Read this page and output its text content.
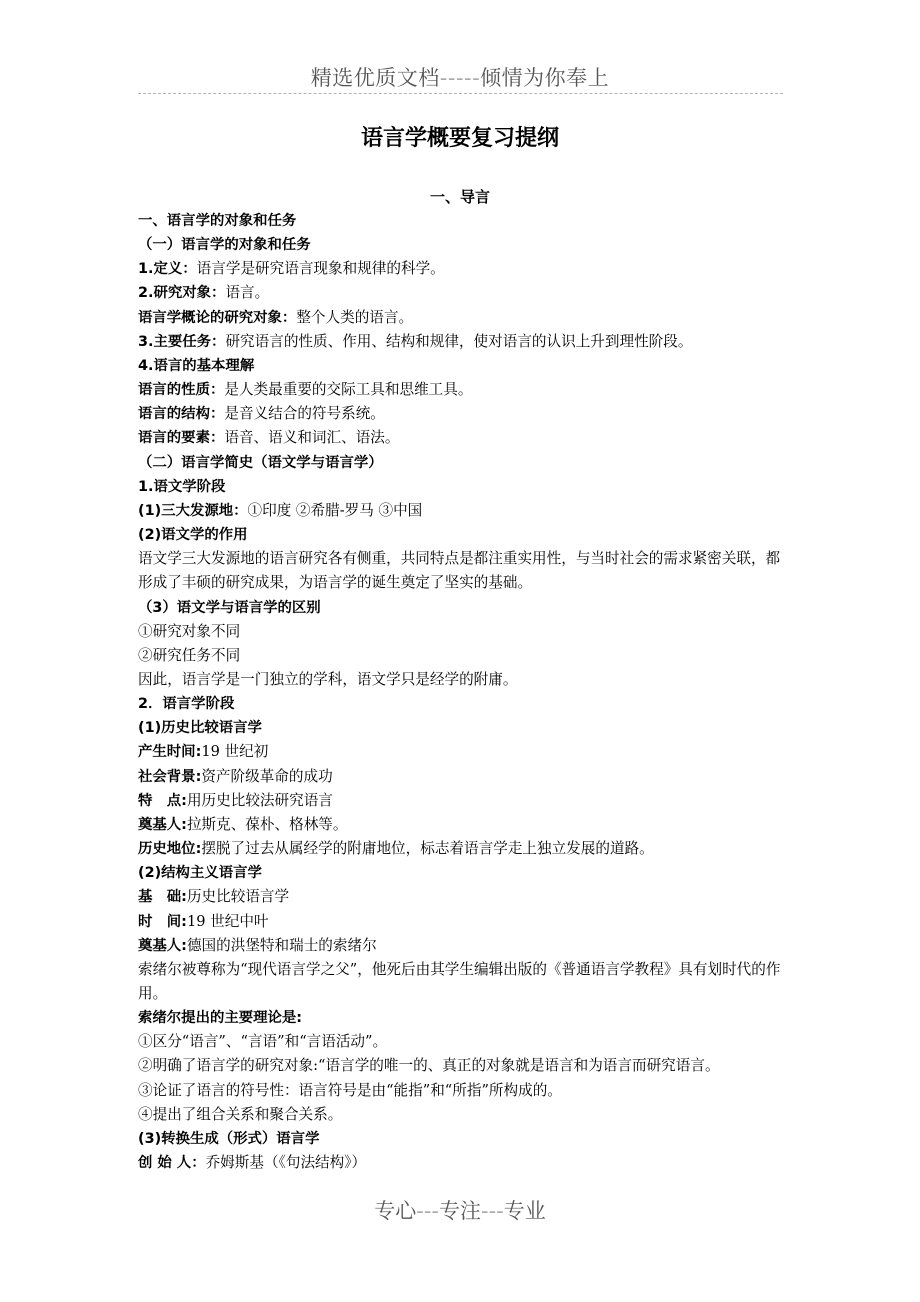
精选优质文档-----倾情为你奉上
语言学概要复习提纲
一、导言
一、语言学的对象和任务
（一）语言学的对象和任务
1.定义：语言学是研究语言现象和规律的科学。
2.研究对象：语言。
语言学概论的研究对象：整个人类的语言。
3.主要任务：研究语言的性质、作用、结构和规律，使对语言的认识上升到理性阶段。
4.语言的基本理解
语言的性质：是人类最重要的交际工具和思维工具。
语言的结构：是音义结合的符号系统。
语言的要素：语音、语义和词汇、语法。
（二）语言学简史（语文学与语言学）
1.语文学阶段
(1)三大发源地：①印度 ②希腊-罗马 ③中国
(2)语文学的作用
语文学三大发源地的语言研究各有侧重，共同特点是都注重实用性，与当时社会的需求紧密关联，都形成了丰硕的研究成果，为语言学的诞生奠定了坚实的基础。
（3）语文学与语言学的区别
①研究对象不同
②研究任务不同
因此，语言学是一门独立的学科，语文学只是经学的附庸。
2．语言学阶段
(1)历史比较语言学
产生时间:19 世纪初
社会背景:资产阶级革命的成功
特　点:用历史比较法研究语言
奠基人:拉斯克、葆朴、格林等。
历史地位:摆脱了过去从属经学的附庸地位，标志着语言学走上独立发展的道路。
(2)结构主义语言学
基　础:历史比较语言学
时　间:19 世纪中叶
奠基人:德国的洪堡特和瑞士的索绪尔
索绪尔被尊称为“现代语言学之父”，他死后由其学生编辑出版的《普通语言学教程》具有划时代的作用。
索绪尔提出的主要理论是:
①区分“语言”、“言语”和“言语活动”。
②明确了语言学的研究对象:“语言学的唯一的、真正的对象就是语言和为语言而研究语言。
③论证了语言的符号性：语言符号是由“能指”和“所指”所构成的。
④提出了组合关系和聚合关系。
(3)转换生成（形式）语言学
创 始 人：乔姆斯基（《句法结构》）
专心---专注---专业
